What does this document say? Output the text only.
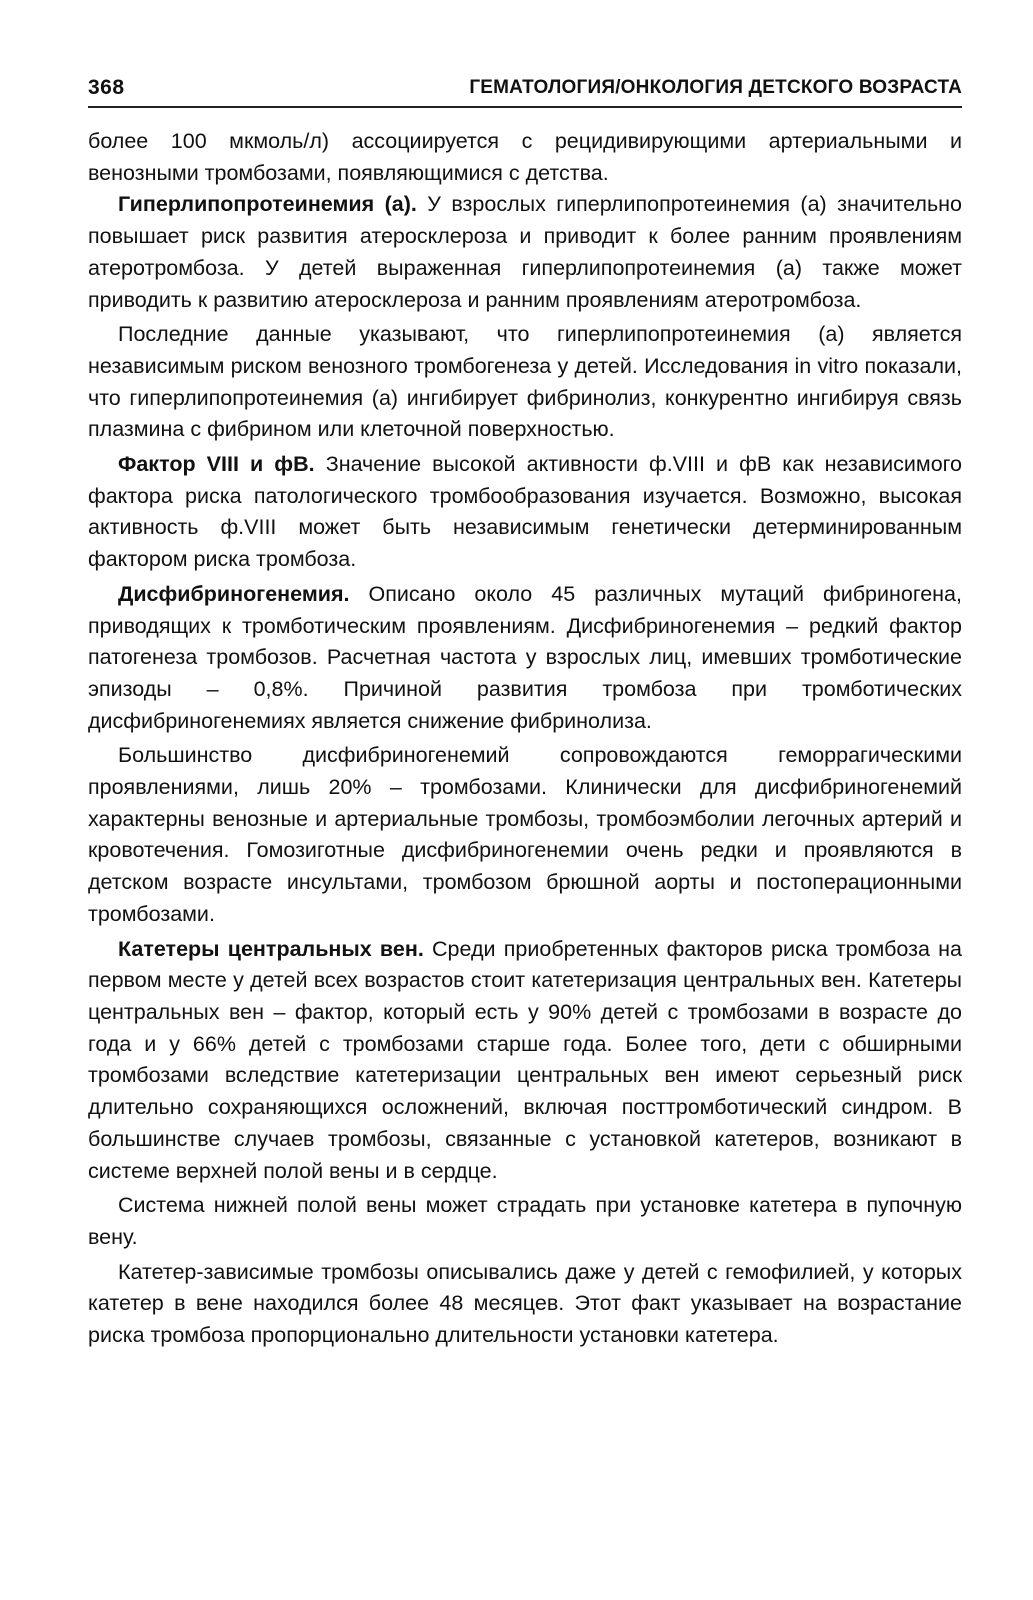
368	ГЕМАТОЛОГИЯ/ОНКОЛОГИЯ ДЕТСКОГО ВОЗРАСТА

более 100 мкмоль/л) ассоциируется с рецидивирующими артериальными и венозными тромбозами, появляющимися с детства.

Гиперлипопротеинемия (а). У взрослых гиперлипопротеинемия (а) значительно повышает риск развития атеросклероза и приводит к более ранним проявлениям атеротромбоза. У детей выраженная гиперлипопротеинемия (а) также может приводить к развитию атеросклероза и ранним проявлениям атеротромбоза.

Последние данные указывают, что гиперлипопротеинемия (а) является независимым риском венозного тромбогенеза у детей. Исследования in vitro показали, что гиперлипопротеинемия (а) ингибирует фибринолиз, конкурентно ингибируя связь плазмина с фибрином или клеточной поверхностью.

Фактор VIII и фВ. Значение высокой активности ф.VIII и фВ как независимого фактора риска патологического тромбообразования изучается. Возможно, высокая активность ф.VIII может быть независимым генетически детерминированным фактором риска тромбоза.

Дисфибриногенемия. Описано около 45 различных мутаций фибриногена, приводящих к тромботическим проявлениям. Дисфибриногенемия – редкий фактор патогенеза тромбозов. Расчетная частота у взрослых лиц, имевших тромботические эпизоды – 0,8%. Причиной развития тромбоза при тромботических дисфибриногенемиях является снижение фибринолиза.

Большинство дисфибриногенемий сопровождаются геморрагическими проявлениями, лишь 20% – тромбозами. Клинически для дисфибриногенемий характерны венозные и артериальные тромбозы, тромбоэмболии легочных артерий и кровотечения. Гомозиготные дисфибриногенемии очень редки и проявляются в детском возрасте инсультами, тромбозом брюшной аорты и постоперационными тромбозами.

Катетеры центральных вен. Среди приобретенных факторов риска тромбоза на первом месте у детей всех возрастов стоит катетеризация центральных вен. Катетеры центральных вен – фактор, который есть у 90% детей с тромбозами в возрасте до года и у 66% детей с тромбозами старше года. Более того, дети с обширными тромбозами вследствие катетеризации центральных вен имеют серьезный риск длительно сохраняющихся осложнений, включая посттромботический синдром. В большинстве случаев тромбозы, связанные с установкой катетеров, возникают в системе верхней полой вены и в сердце.

Система нижней полой вены может страдать при установке катетера в пупочную вену.

Катетер-зависимые тромбозы описывались даже у детей с гемофилией, у которых катетер в вене находился более 48 месяцев. Этот факт указывает на возрастание риска тромбоза пропорционально длительности установки катетера.
